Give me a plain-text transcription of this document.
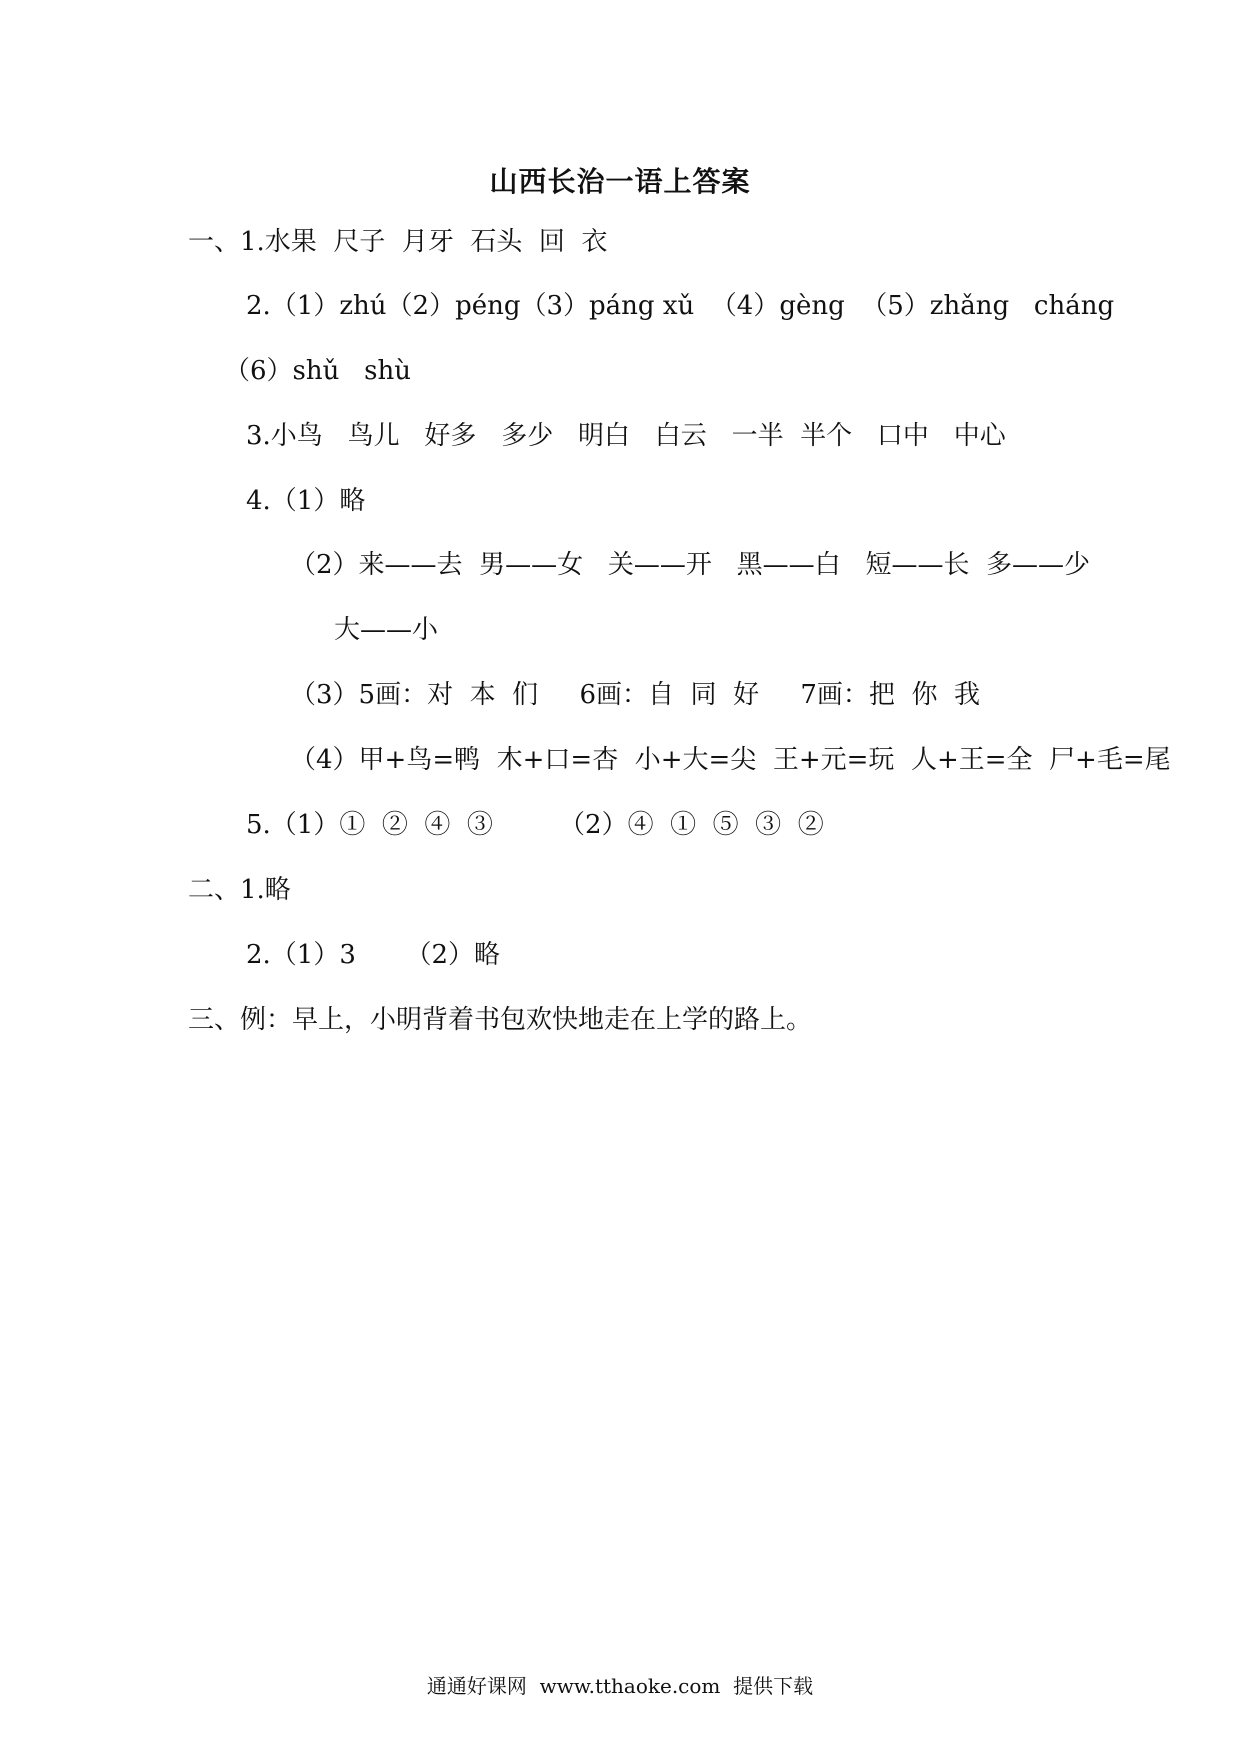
山西长治一语上答案
一、1.水果  尺子  月牙  石头  回  衣
2.（1）zhú（2）péng（3）páng xǔ  （4）gèng  （5）zhǎng   cháng
（6）shǔ   shù
3.小鸟   鸟儿   好多   多少   明白   白云   一半  半个   口中   中心
4.（1）略
（2）来——去  男——女   关——开   黑——白   短——长  多——少
大——小
（3）5画：对  本  们     6画：自  同  好     7画：把  你  我
（4）甲+鸟=鸭  木+口=杏  小+大=尖  王+元=玩  人+王=全  尸+毛=尾
5.（1）①  ②  ④  ③        （2）④  ①  ⑤  ③  ②
二、1.略
2.（1）3      （2）略
三、例：早上，小明背着书包欢快地走在上学的路上。
通通好课网  www.tthaoke.com  提供下载
